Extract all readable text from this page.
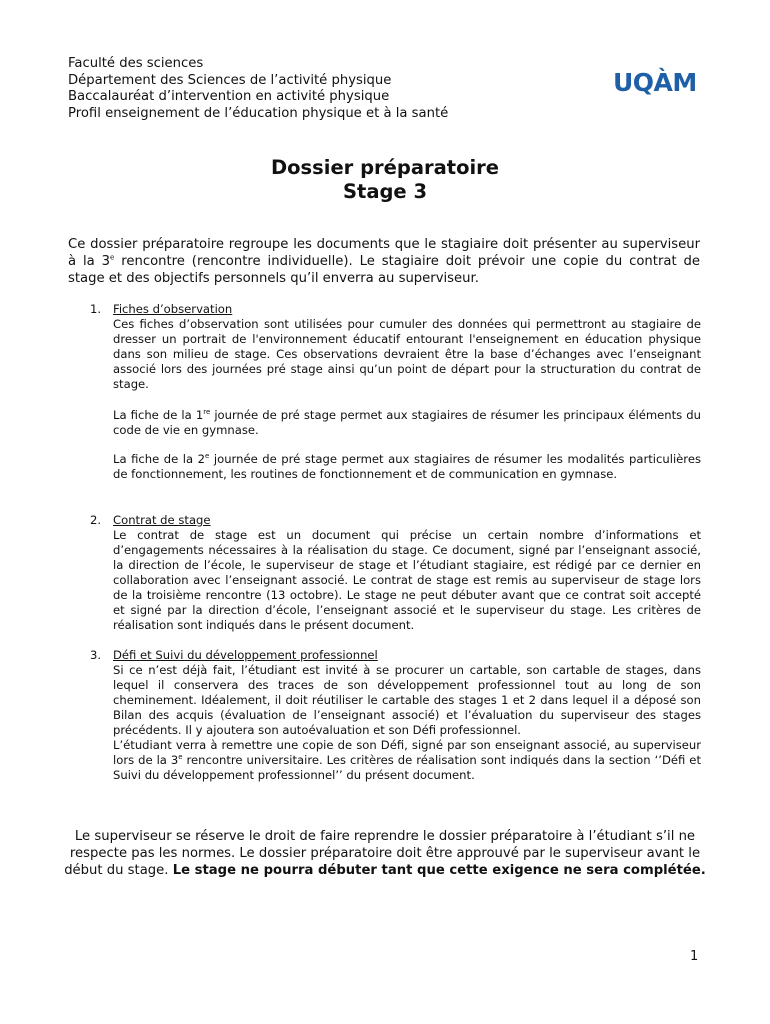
Faculté des sciences
Département des Sciences de l’activité physique
Baccalauréat d’intervention en activité physique
Profil enseignement de l’éducation physique et à la santé
UQÀM
Dossier préparatoire
Stage 3
Ce dossier préparatoire regroupe les documents que le stagiaire doit présenter au superviseur à la 3e rencontre (rencontre individuelle). Le stagiaire doit prévoir une copie du contrat de stage et des objectifs personnels qu’il enverra au superviseur.
1. Fiches d’observation

Ces fiches d’observation sont utilisées pour cumuler des données qui permettront au stagiaire de dresser un portrait de l'environnement éducatif entourant l'enseignement en éducation physique dans son milieu de stage. Ces observations devraient être la base d’échanges avec l’enseignant associé lors des journées pré stage ainsi qu’un point de départ pour la structuration du contrat de stage.

La fiche de la 1re journée de pré stage permet aux stagiaires de résumer les principaux éléments du code de vie en gymnase.

La fiche de la 2e journée de pré stage permet aux stagiaires de résumer les modalités particulières de fonctionnement, les routines de fonctionnement et de communication en gymnase.

2. Contrat de stage

Le contrat de stage est un document qui précise un certain nombre d’informations et d’engagements nécessaires à la réalisation du stage. Ce document, signé par l’enseignant associé, la direction de l’école, le superviseur de stage et l’étudiant stagiaire, est rédigé par ce dernier en collaboration avec l’enseignant associé. Le contrat de stage est remis au superviseur de stage lors de la troisième rencontre (13 octobre). Le stage ne peut débuter avant que ce contrat soit accepté et signé par la direction d’école, l’enseignant associé et le superviseur du stage. Les critères de réalisation sont indiqués dans le présent document.

3. Défi et Suivi du développement professionnel

Si ce n’est déjà fait, l’étudiant est invité à se procurer un cartable, son cartable de stages, dans lequel il conservera des traces de son développement professionnel tout au long de son cheminement. Idéalement, il doit réutiliser le cartable des stages 1 et 2 dans lequel il a déposé son Bilan des acquis (évaluation de l’enseignant associé) et l’évaluation du superviseur des stages précédents. Il y ajoutera son autoévaluation et son Défi professionnel.

L’étudiant verra à remettre une copie de son Défi, signé par son enseignant associé, au superviseur lors de la 3e rencontre universitaire. Les critères de réalisation sont indiqués dans la section ‘’Défi et Suivi du développement professionnel’’ du présent document.

Le superviseur se réserve le droit de faire reprendre le dossier préparatoire à l’étudiant s’il ne respecte pas les normes. Le dossier préparatoire doit être approuvé par le superviseur avant le début du stage. Le stage ne pourra débuter tant que cette exigence ne sera complétée.
1
